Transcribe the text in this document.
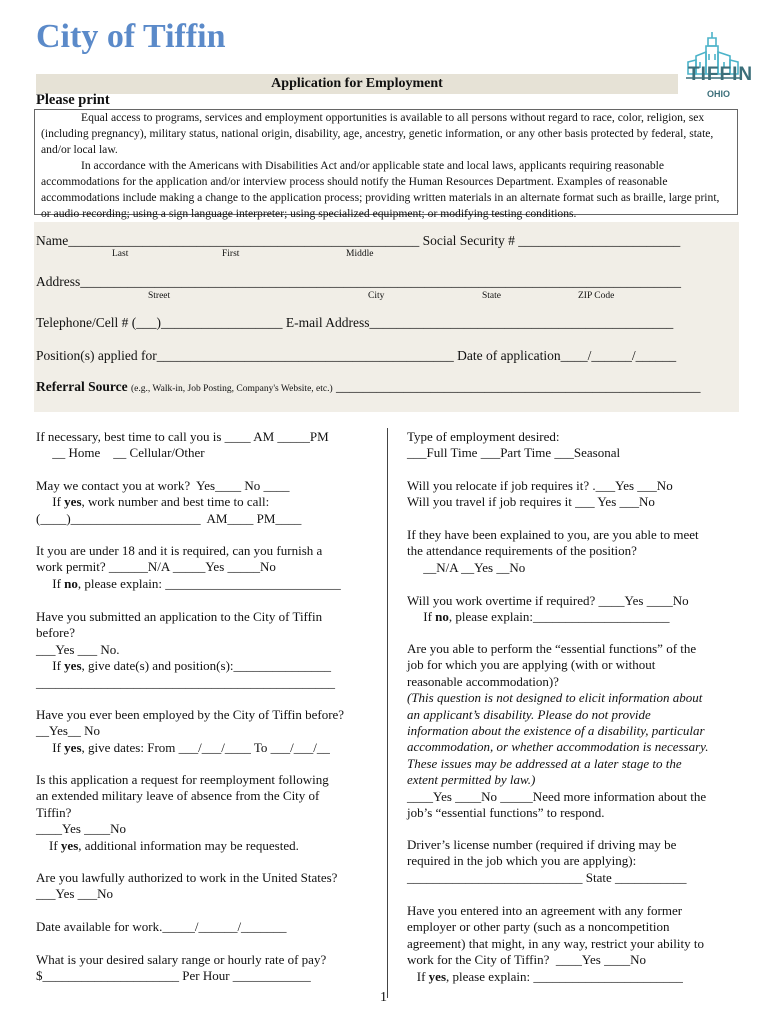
City of Tiffin
TIFFIN
OHIO
Application for Employment
Please print

Equal access to programs, services and employment opportunities is available to all persons without regard to race, color, religion, sex (including pregnancy), military status, national origin, disability, age, ancestry, genetic information, or any other basis protected by federal, state, and/or local law.

In accordance with the Americans with Disabilities Act and/or applicable state and local laws, applicants requiring reasonable accommodations for the application and/or interview process should notify the Human Resources Department. Examples of reasonable accommodations include making a change to the application process; providing written materials in an alternate format such as braille, large print, or audio recording; using a sign language interpreter; using specialized equipment; or modifying testing conditions.

Name____________________________________________________ Social Security # ________________________
Last	First	Middle
Address_________________________________________________________________________________________
Street	City	State	ZIP Code
Telephone/Cell # (___)__________________ E-mail Address_____________________________________________
Position(s) applied for____________________________________________ Date of application____/______/______
Referral Source (e.g., Walk-in, Job Posting, Company's Website, etc.) ______________________________________________________
If necessary, best time to call you is ____ AM _____PM
__ Home    __ Cellular/Other
May we contact you at work?  Yes____ No ____
If yes, work number and best time to call:
(____)____________________  AM____ PM____
It you are under 18 and it is required, can you furnish a
work permit? ______N/A _____Yes _____No
If no, please explain: ___________________________
Have you submitted an application to the City of Tiffin
before?
___Yes ___ No.
If yes, give date(s) and position(s):_______________
______________________________________________
Have you ever been employed by the City of Tiffin before?
__Yes__ No
If yes, give dates: From ___/___/____ To ___/___/__
Is this application a request for reemployment following
an extended military leave of absence from the City of
Tiffin?
____Yes ____No
If yes, additional information may be requested.
Are you lawfully authorized to work in the United States?
___Yes ___No
Date available for work._____/______/_______
What is your desired salary range or hourly rate of pay?
$_____________________ Per Hour ____________
Type of employment desired:
___Full Time ___Part Time ___Seasonal
Will you relocate if job requires it? .___Yes ___No
Will you travel if job requires it ___ Yes ___No
If they have been explained to you, are you able to meet
the attendance requirements of the position?
__N/A __Yes __No
Will you work overtime if required? ____Yes ____No
If no, please explain:_____________________
Are you able to perform the “essential functions” of the
job for which you are applying (with or without
reasonable accommodation)?
(This question is not designed to elicit information about
an applicant’s disability. Please do not provide
information about the existence of a disability, particular
accommodation, or whether accommodation is necessary.
These issues may be addressed at a later stage to the
extent permitted by law.)
____Yes ____No _____Need more information about the
job’s “essential functions” to respond.
Driver’s license number (required if driving may be
required in the job which you are applying):
___________________________ State ___________
Have you entered into an agreement with any former
employer or other party (such as a noncompetition
agreement) that might, in any way, restrict your ability to
work for the City of Tiffin?  ____Yes ____No
If yes, please explain: _______________________
1
